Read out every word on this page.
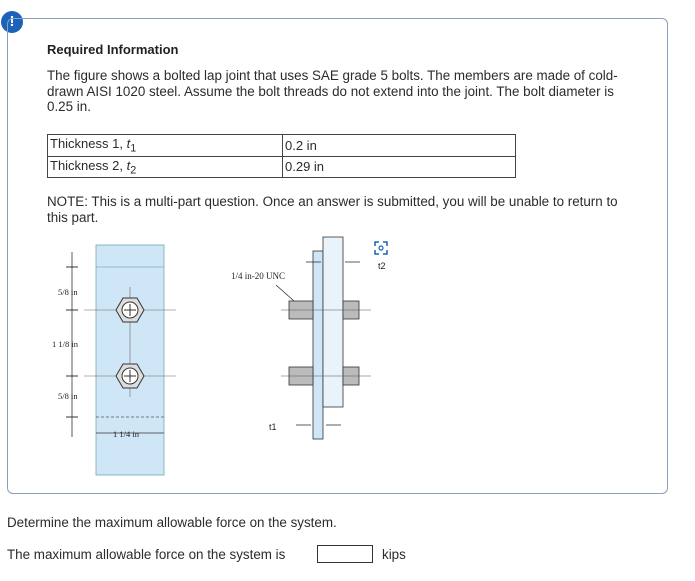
!
Required Information
The figure shows a bolted lap joint that uses SAE grade 5 bolts. The members are made of cold-drawn AISI 1020 steel. Assume the bolt threads do not extend into the joint. The bolt diameter is 0.25 in.
Thickness 1, $t_1$	0.2 in
Thickness 2, $t_2$	0.29 in
NOTE: This is a multi-part question. Once an answer is submitted, you will be unable to return to this part.
5/8 in
1 1/8 in
5/8 in
1 1/4 in
1/4 in-20 UNC
t1
t2
Determine the maximum allowable force on the system.
The maximum allowable force on the system is	kips
